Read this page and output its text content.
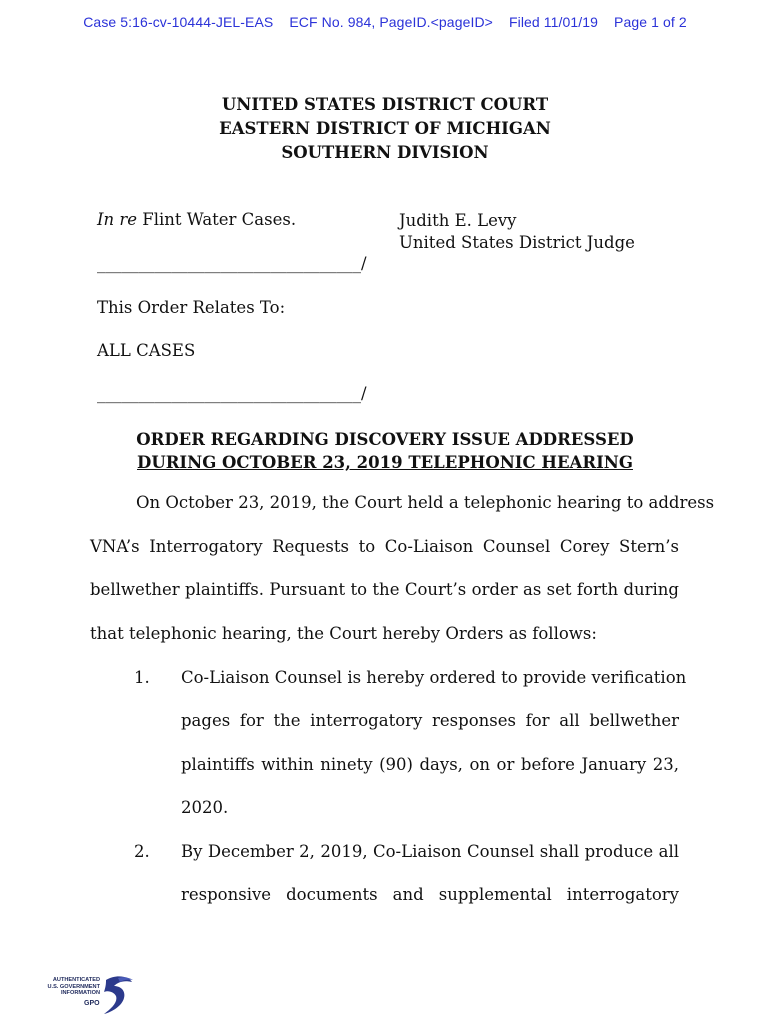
Case 5:16-cv-10444-JEL-EAS ECF No. 984, PageID.<pageID> Filed 11/01/19 Page 1 of 2
UNITED STATES DISTRICT COURT
EASTERN DISTRICT OF MICHIGAN
SOUTHERN DIVISION
In re Flint Water Cases.	Judith E. Levy
United States District Judge
________________________________/
This Order Relates To:
ALL CASES
________________________________/
ORDER REGARDING DISCOVERY ISSUE ADDRESSED
DURING OCTOBER 23, 2019 TELEPHONIC HEARING
On October 23, 2019, the Court held a telephonic hearing to address
VNA’s Interrogatory Requests to Co-Liaison Counsel Corey Stern’s
bellwether plaintiffs. Pursuant to the Court’s order as set forth during
that telephonic hearing, the Court hereby Orders as follows:
1. Co-Liaison Counsel is hereby ordered to provide verification
pages for the interrogatory responses for all bellwether
plaintiffs within ninety (90) days, on or before January 23,
2020.
2. By December 2, 2019, Co-Liaison Counsel shall produce all
responsive documents and supplemental interrogatory
AUTHENTICATED
U.S. GOVERNMENT
INFORMATION
GPO
